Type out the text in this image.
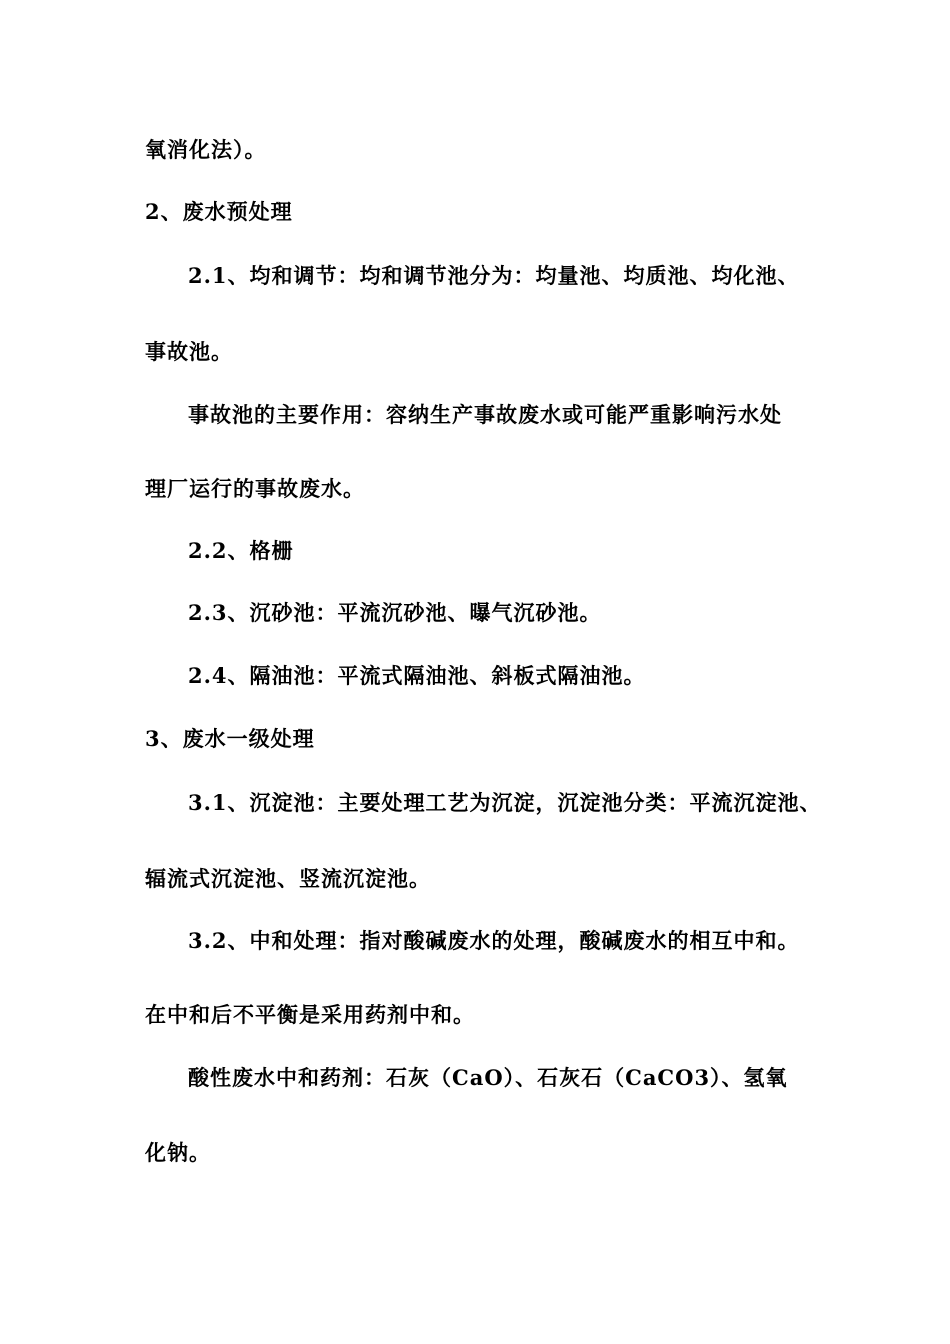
氧消化法）。
2、废水预处理
2.1、均和调节：均和调节池分为：均量池、均质池、均化池、
事故池。
事故池的主要作用：容纳生产事故废水或可能严重影响污水处
理厂运行的事故废水。
2.2、格栅
2.3、沉砂池：平流沉砂池、曝气沉砂池。
2.4、隔油池：平流式隔油池、斜板式隔油池。
3、废水一级处理
3.1、沉淀池：主要处理工艺为沉淀，沉淀池分类：平流沉淀池、
辐流式沉淀池、竖流沉淀池。
3.2、中和处理：指对酸碱废水的处理，酸碱废水的相互中和。
在中和后不平衡是采用药剂中和。
酸性废水中和药剂：石灰（CaO）、石灰石（CaCO3）、氢氧
化钠。
